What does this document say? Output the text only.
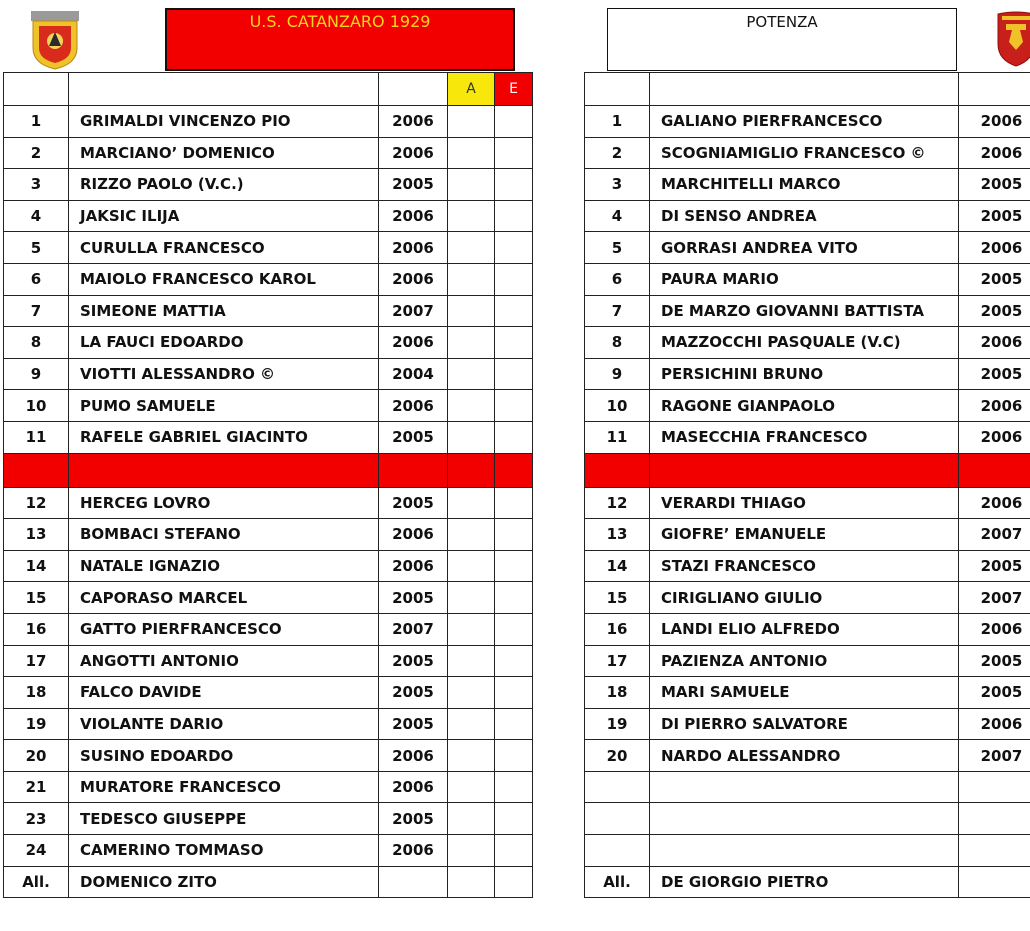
U.S. CATANZARO 1929	POTENZA
			A	E
1	GRIMALDI VINCENZO PIO	2006		
2	MARCIANO’ DOMENICO	2006		
3	RIZZO PAOLO (V.C.)	2005		
4	JAKSIC ILIJA	2006		
5	CURULLA FRANCESCO	2006		
6	MAIOLO FRANCESCO KAROL	2006		
7	SIMEONE MATTIA	2007		
8	LA FAUCI EDOARDO	2006		
9	VIOTTI ALESSANDRO ©	2004		
10	PUMO SAMUELE	2006		
11	RAFELE GABRIEL GIACINTO	2005		

12	HERCEG LOVRO	2005		
13	BOMBACI STEFANO	2006		
14	NATALE IGNAZIO	2006		
15	CAPORASO MARCEL	2005		
16	GATTO PIERFRANCESCO	2007		
17	ANGOTTI ANTONIO	2005		
18	FALCO DAVIDE	2005		
19	VIOLANTE DARIO	2005		
20	SUSINO EDOARDO	2006		
21	MURATORE FRANCESCO	2006		
23	TEDESCO GIUSEPPE	2005		
24	CAMERINO TOMMASO	2006		
All.	DOMENICO ZITO			

1	GALIANO PIERFRANCESCO	2006
2	SCOGNIAMIGLIO FRANCESCO ©	2006
3	MARCHITELLI MARCO	2005
4	DI SENSO ANDREA	2005
5	GORRASI ANDREA VITO	2006
6	PAURA MARIO	2005
7	DE MARZO GIOVANNI BATTISTA	2005
8	MAZZOCCHI PASQUALE (V.C)	2006
9	PERSICHINI BRUNO	2005
10	RAGONE GIANPAOLO	2006
11	MASECCHIA FRANCESCO	2006

12	VERARDI THIAGO	2006
13	GIOFRE’ EMANUELE	2007
14	STAZI FRANCESCO	2005
15	CIRIGLIANO GIULIO	2007
16	LANDI ELIO ALFREDO	2006
17	PAZIENZA ANTONIO	2005
18	MARI SAMUELE	2005
19	DI PIERRO SALVATORE	2006
20	NARDO ALESSANDRO	2007

All.	DE GIORGIO PIETRO	
